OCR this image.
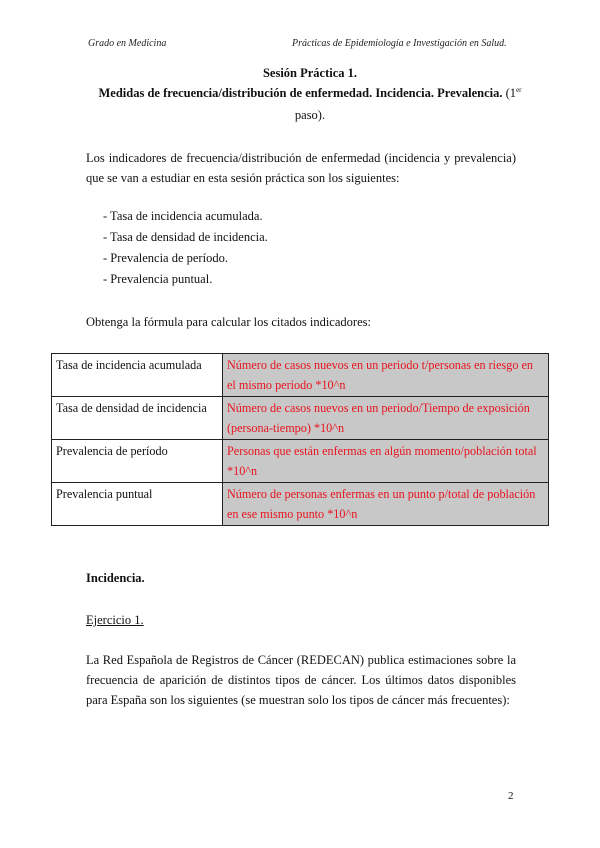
Grado en Medicina	Prácticas de Epidemiología e Investigación en Salud.
Sesión Práctica 1.
Medidas de frecuencia/distribución de enfermedad. Incidencia. Prevalencia. (1er
paso).
Los indicadores de frecuencia/distribución de enfermedad (incidencia y prevalencia) que se van a estudiar en esta sesión práctica son los siguientes:
- Tasa de incidencia acumulada.
- Tasa de densidad de incidencia.
- Prevalencia de período.
- Prevalencia puntual.
Obtenga la fórmula para calcular los citados indicadores:
Tasa de incidencia acumulada	Número de casos nuevos en un periodo t/personas en riesgo en el mismo periodo *10^n
Tasa de densidad de incidencia	Número de casos nuevos en un periodo/Tiempo de exposición (persona-tiempo) *10^n
Prevalencia de período	Personas que están enfermas en algún momento/población total *10^n
Prevalencia puntual	Número de personas enfermas en un punto p/total de población en ese mismo punto *10^n
Incidencia.
Ejercicio 1.
La Red Española de Registros de Cáncer (REDECAN) publica estimaciones sobre la frecuencia de aparición de distintos tipos de cáncer. Los últimos datos disponibles para España son los siguientes (se muestran solo los tipos de cáncer más frecuentes):
2
